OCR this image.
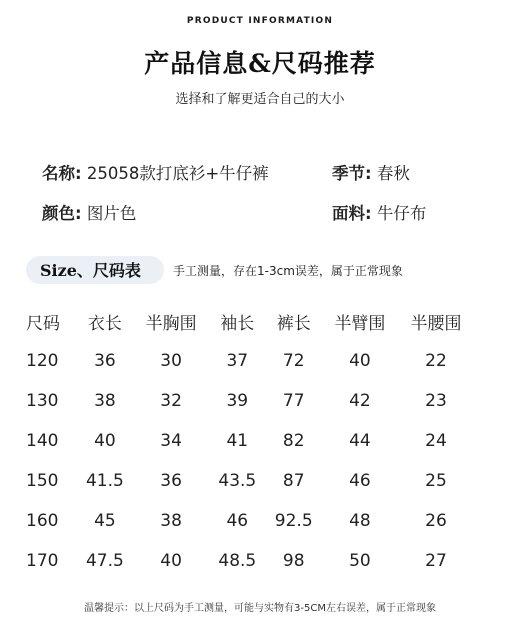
PRODUCT INFORMATION
产品信息&尺码推荐
选择和了解更适合自己的大小
名称: 25058款打底衫+牛仔裤	季节: 春秋
颜色: 图片色	面料: 牛仔布
Size、尺码表	手工测量，存在1-3cm误差，属于正常现象
尺码	衣长	半胸围	袖长	裤长	半臂围	半腰围
120	36	30	37	72	40	22
130	38	32	39	77	42	23
140	40	34	41	82	44	24
150	41.5	36	43.5	87	46	25
160	45	38	46	92.5	48	26
170	47.5	40	48.5	98	50	27
温馨提示：以上尺码为手工测量，可能与实物有3-5CM左右误差，属于正常现象
